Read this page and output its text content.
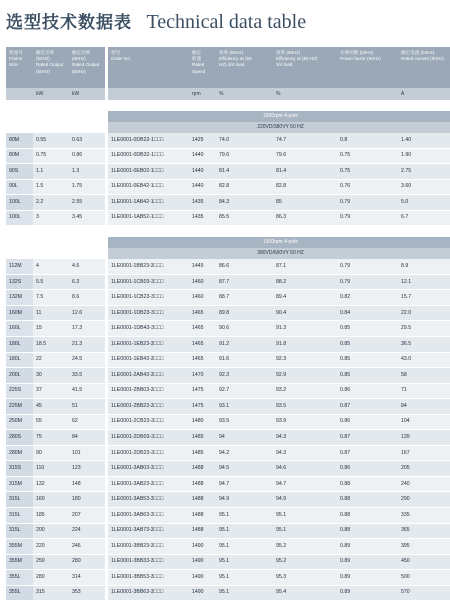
选型技术数据表 Technical data table
机座号
Frame
Size	额定功率
(50Hz)
Rated Output
(50Hz)	额定功率
(60Hz)
Rated Output
(60Hz)		型号
Order No.	额定
转速
Rated
Speed	效率 (50Hz)
Efficiency at (50
HZ) 4/4 load	效率 (50Hz)
Efficiency at (50 HZ)
3/4 load	功率因数 (50Hz)
Power factor (50Hz)	额定电流 (50Hz)
Rated current (50Hz)
	kW	kW			rpm	%	%		A

				1500rpm 4-pole					
				220VD/380VY 50 HZ					
80M	0.55	0.63		1LE0001-0DB22-1□□□	1425	74.0	74.7	0.8	1.40
80M	0.75	0.86		1LE0001-0DB32-1□□□	1440	79.6	79.6	0.75	1.90
90S	1.1	1.3		1LE0001-0EB02-1□□□	1440	81.4	81.4	0.75	2.75
90L	1.5	1.75		1LE0001-0EB42-1□□□	1440	82.8	82.8	0.76	3.60
100L	2.2	2.55		1LE0001-1AB42-1□□□	1435	84.3	85	0.79	5.0
100L	3	3.45		1LE0001-1AB52-1□□□	1435	85.5	86.3	0.79	6.7

				1500rpm 4-pole					
				380VD/660VY 50 HZ					
112M	4	4.6		1LE0001-1BB23-3□□□	1445	86.6	87.1	0.79	8.9
132S	5.5	6.3		1LE0001-1CB03-3□□□	1460	87.7	88.2	0.79	12.1
132M	7.5	8.6		1LE0001-1CB23-3□□□	1460	88.7	89.4	0.82	15.7
160M	11	12.6		1LE0001-1DB23-3□□□	1465	89.8	90.4	0.84	22.0
160L	15	17.3		1LE0001-1DB43-3□□□	1465	90.6	91.3	0.85	29.5
180L	18.5	21.3		1LE0001-1EB23-3□□□	1465	91.2	91.8	0.85	36.5
180L	22	24.5		1LE0001-1EB43-3□□□	1465	91.6	92.3	0.85	43.0
200L	30	33.5		1LE0001-2AB43-3□□□	1470	92.3	92.9	0.85	58
225S	37	41.5		1LE0001-2BB03-3□□□	1475	92.7	93.2	0.86	71
225M	45	51		1LE0001-2BB23-3□□□	1475	93.1	93.5	0.87	84
250M	55	62		1LE0001-2CB23-3□□□	1480	93.5	93.9	0.86	104
280S	75	84		1LE0001-2DB03-3□□□	1485	94	94.3	0.87	139
280M	90	101		1LE0001-2DB23-3□□□	1485	94.2	94.3	0.87	167
315S	110	123		1LE0001-3AB03-3□□□	1488	94.5	94.6	0.86	205
315M	132	148		1LE0001-3AB23-3□□□	1488	94.7	94.7	0.88	240
315L	160	180		1LE0001-3AB53-3□□□	1488	94.9	94.9	0.88	290
315L	185	207		1LE0001-3AB63-3□□□	1488	95.1	95.1	0.88	335
315L	200	224		1LE0001-3AB73-3□□□	1488	95.1	95.1	0.88	365
355M	220	246		1LE0001-3BB23-3□□□	1490	95.1	95.2	0.89	395
355M	250	280		1LE0001-3BB33-3□□□	1490	95.1	95.2	0.89	450
355L	280	314		1LE0001-3BB53-3□□□	1490	95.1	95.3	0.89	500
355L	315	353		1LE0001-3BB63-3□□□	1490	95.1	95.4	0.89	570
